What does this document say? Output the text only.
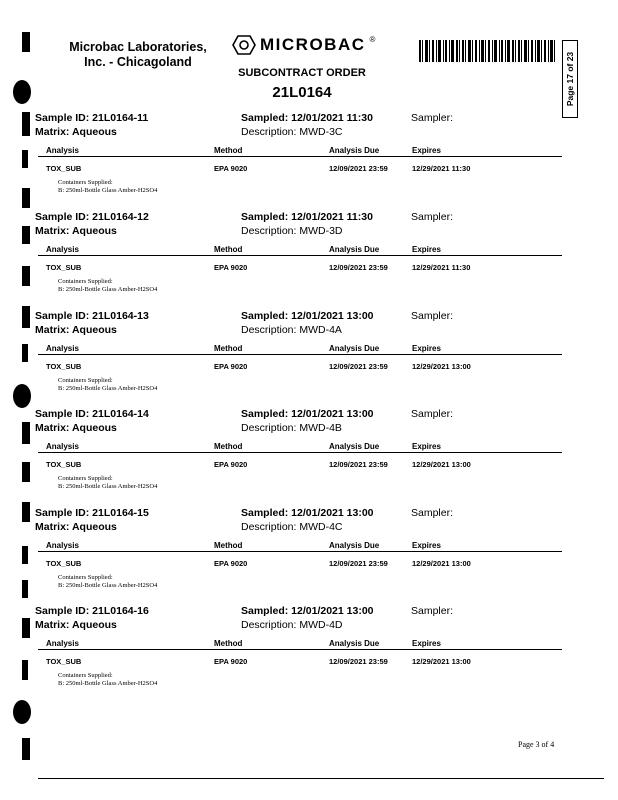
Microbac Laboratories,
Inc. - Chicagoland
MICROBAC ®
SUBCONTRACT ORDER
21L0164	Page 17 of 23
Sample ID: 21L0164-11	Sampled: 12/01/2021 11:30	Sampler:
Matrix: Aqueous	Description: MWD-3C
Analysis	Method	Analysis Due	Expires
TOX_SUB	EPA 9020	12/09/2021 23:59	12/29/2021 11:30
Containers Supplied:
B: 250ml-Bottle Glass Amber-H2SO4
Sample ID: 21L0164-12	Sampled: 12/01/2021 11:30	Sampler:
Matrix: Aqueous	Description: MWD-3D
Analysis	Method	Analysis Due	Expires
TOX_SUB	EPA 9020	12/09/2021 23:59	12/29/2021 11:30
Containers Supplied:
B: 250ml-Bottle Glass Amber-H2SO4
Sample ID: 21L0164-13	Sampled: 12/01/2021 13:00	Sampler:
Matrix: Aqueous	Description: MWD-4A
Analysis	Method	Analysis Due	Expires
TOX_SUB	EPA 9020	12/09/2021 23:59	12/29/2021 13:00
Containers Supplied:
B: 250ml-Bottle Glass Amber-H2SO4
Sample ID: 21L0164-14	Sampled: 12/01/2021 13:00	Sampler:
Matrix: Aqueous	Description: MWD-4B
Analysis	Method	Analysis Due	Expires
TOX_SUB	EPA 9020	12/09/2021 23:59	12/29/2021 13:00
Containers Supplied:
B: 250ml-Bottle Glass Amber-H2SO4
Sample ID: 21L0164-15	Sampled: 12/01/2021 13:00	Sampler:
Matrix: Aqueous	Description: MWD-4C
Analysis	Method	Analysis Due	Expires
TOX_SUB	EPA 9020	12/09/2021 23:59	12/29/2021 13:00
Containers Supplied:
B: 250ml-Bottle Glass Amber-H2SO4
Sample ID: 21L0164-16	Sampled: 12/01/2021 13:00	Sampler:
Matrix: Aqueous	Description: MWD-4D
Analysis	Method	Analysis Due	Expires
TOX_SUB	EPA 9020	12/09/2021 23:59	12/29/2021 13:00
Containers Supplied:
B: 250ml-Bottle Glass Amber-H2SO4
Page 3 of 4
